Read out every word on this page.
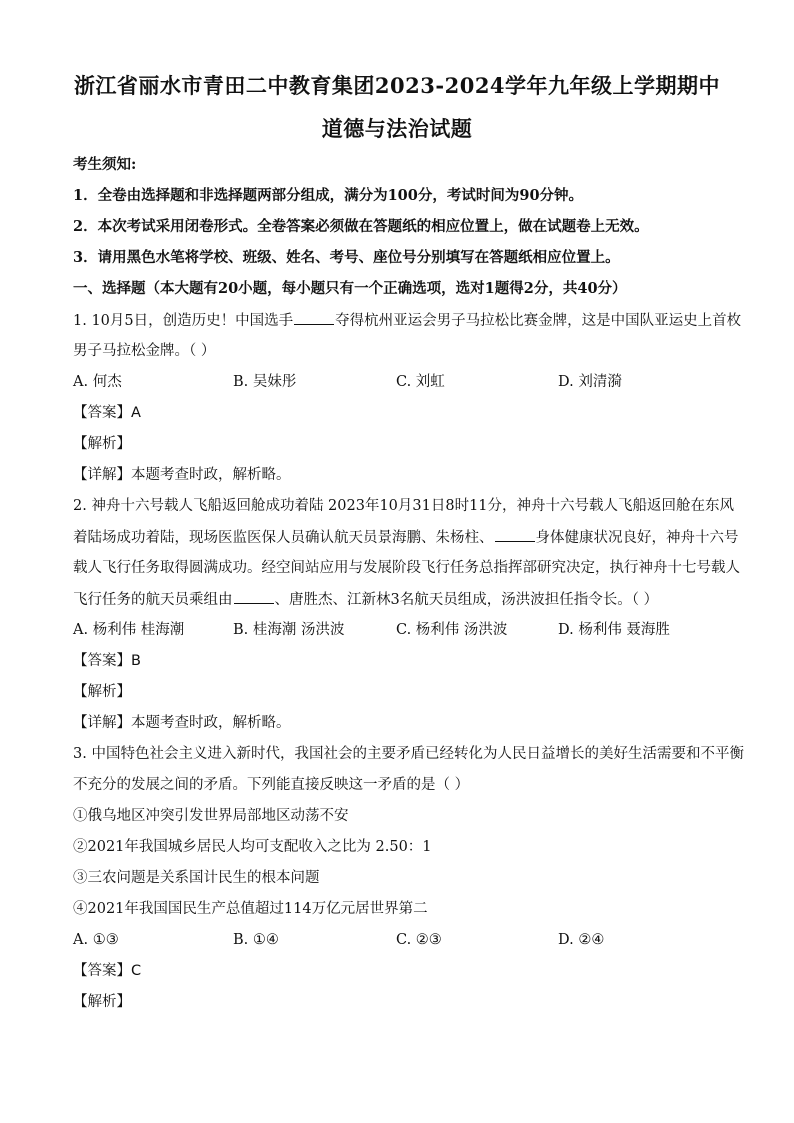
浙江省丽水市青田二中教育集团2023-2024学年九年级上学期期中
道德与法治试题
考生须知:
1．全卷由选择题和非选择题两部分组成，满分为100分，考试时间为90分钟。
2．本次考试采用闭卷形式。全卷答案必须做在答题纸的相应位置上，做在试题卷上无效。
3．请用黑色水笔将学校、班级、姓名、考号、座位号分别填写在答题纸相应位置上。
一、选择题（本大题有20小题，每小题只有一个正确选项，选对1题得2分，共40分）
1. 10月5日，创造历史！中国选手	夺得杭州亚运会男子马拉松比赛金牌，这是中国队亚运史上首枚
男子马拉松金牌。（ ）
A. 何杰	B. 吴妹彤	C. 刘虹	D. 刘清漪
【答案】A
【解析】
【详解】本题考查时政，解析略。
2. 神舟十六号载人飞船返回舱成功着陆 2023年10月31日8时11分，神舟十六号载人飞船返回舱在东风
着陆场成功着陆，现场医监医保人员确认航天员景海鹏、朱杨柱、	身体健康状况良好，神舟十六号
载人飞行任务取得圆满成功。经空间站应用与发展阶段飞行任务总指挥部研究决定，执行神舟十七号载人
飞行任务的航天员乘组由	、唐胜杰、江新林3名航天员组成，汤洪波担任指令长。（ ）
A. 杨利伟 桂海潮	B. 桂海潮 汤洪波	C. 杨利伟 汤洪波	D. 杨利伟 聂海胜
【答案】B
【解析】
【详解】本题考查时政，解析略。
3. 中国特色社会主义进入新时代，我国社会的主要矛盾已经转化为人民日益增长的美好生活需要和不平衡
不充分的发展之间的矛盾。下列能直接反映这一矛盾的是（ ）
①俄乌地区冲突引发世界局部地区动荡不安
②2021年我国城乡居民人均可支配收入之比为 2.50：1
③三农问题是关系国计民生的根本问题
④2021年我国国民生产总值超过114万亿元居世界第二
A. ①③	B. ①④	C. ②③	D. ②④
【答案】C
【解析】
